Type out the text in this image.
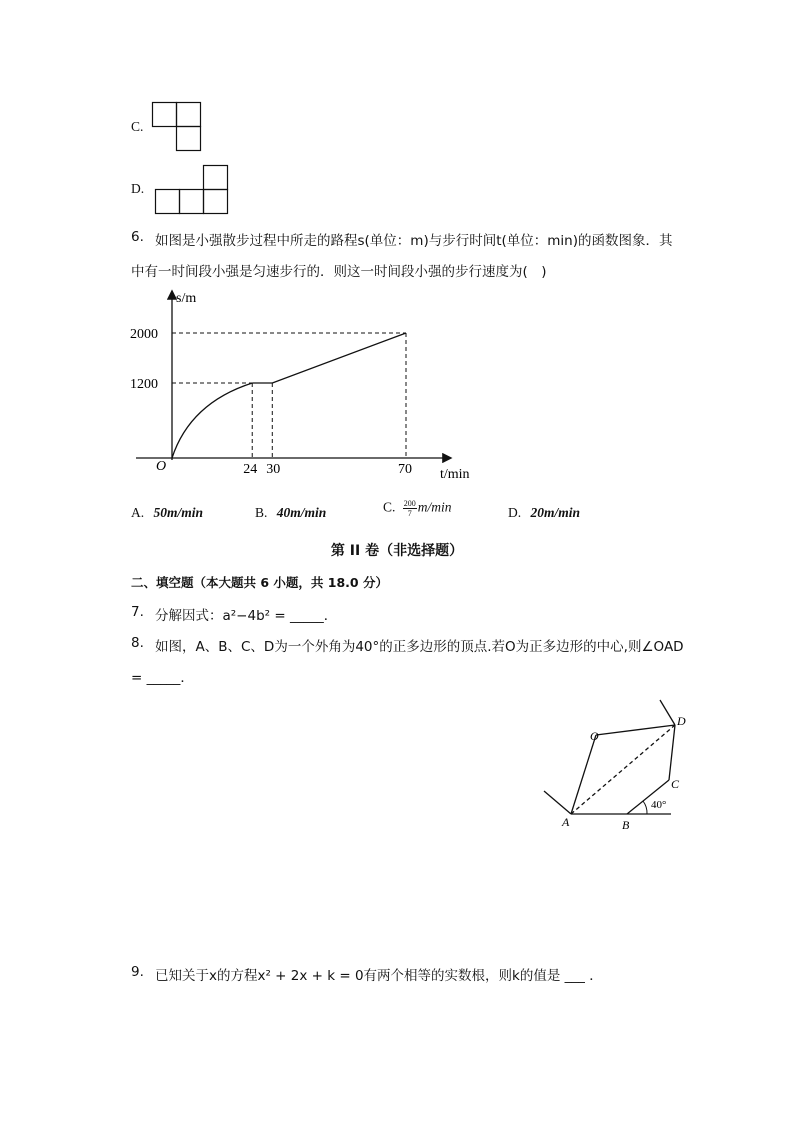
C.
D.
6. 如图是小强散步过程中所走的路程s(单位：m)与步行时间t(单位：min)的函数图象．其
中有一时间段小强是匀速步行的．则这一时间段小强的步行速度为(　)
24 30	70
1200
2000
O
t/min
s/m
A. 50m/min	B. 40m/min	C. $\frac{200}{7} m/\min$	D. 20m/min
第 II 卷（非选择题）
二、填空题（本大题共 6 小题，共 18.0 分）
7. 分解因式：a²−4b² = _____．
8. 如图，A、B、C、D为一个外角为40°的正多边形的顶点.若O为正多边形的中心,则∠OAD
= _____．
O
D
C
A	B
40°
9. 已知关于x的方程x² + 2x + k = 0有两个相等的实数根，则k的值是 ___ ．
